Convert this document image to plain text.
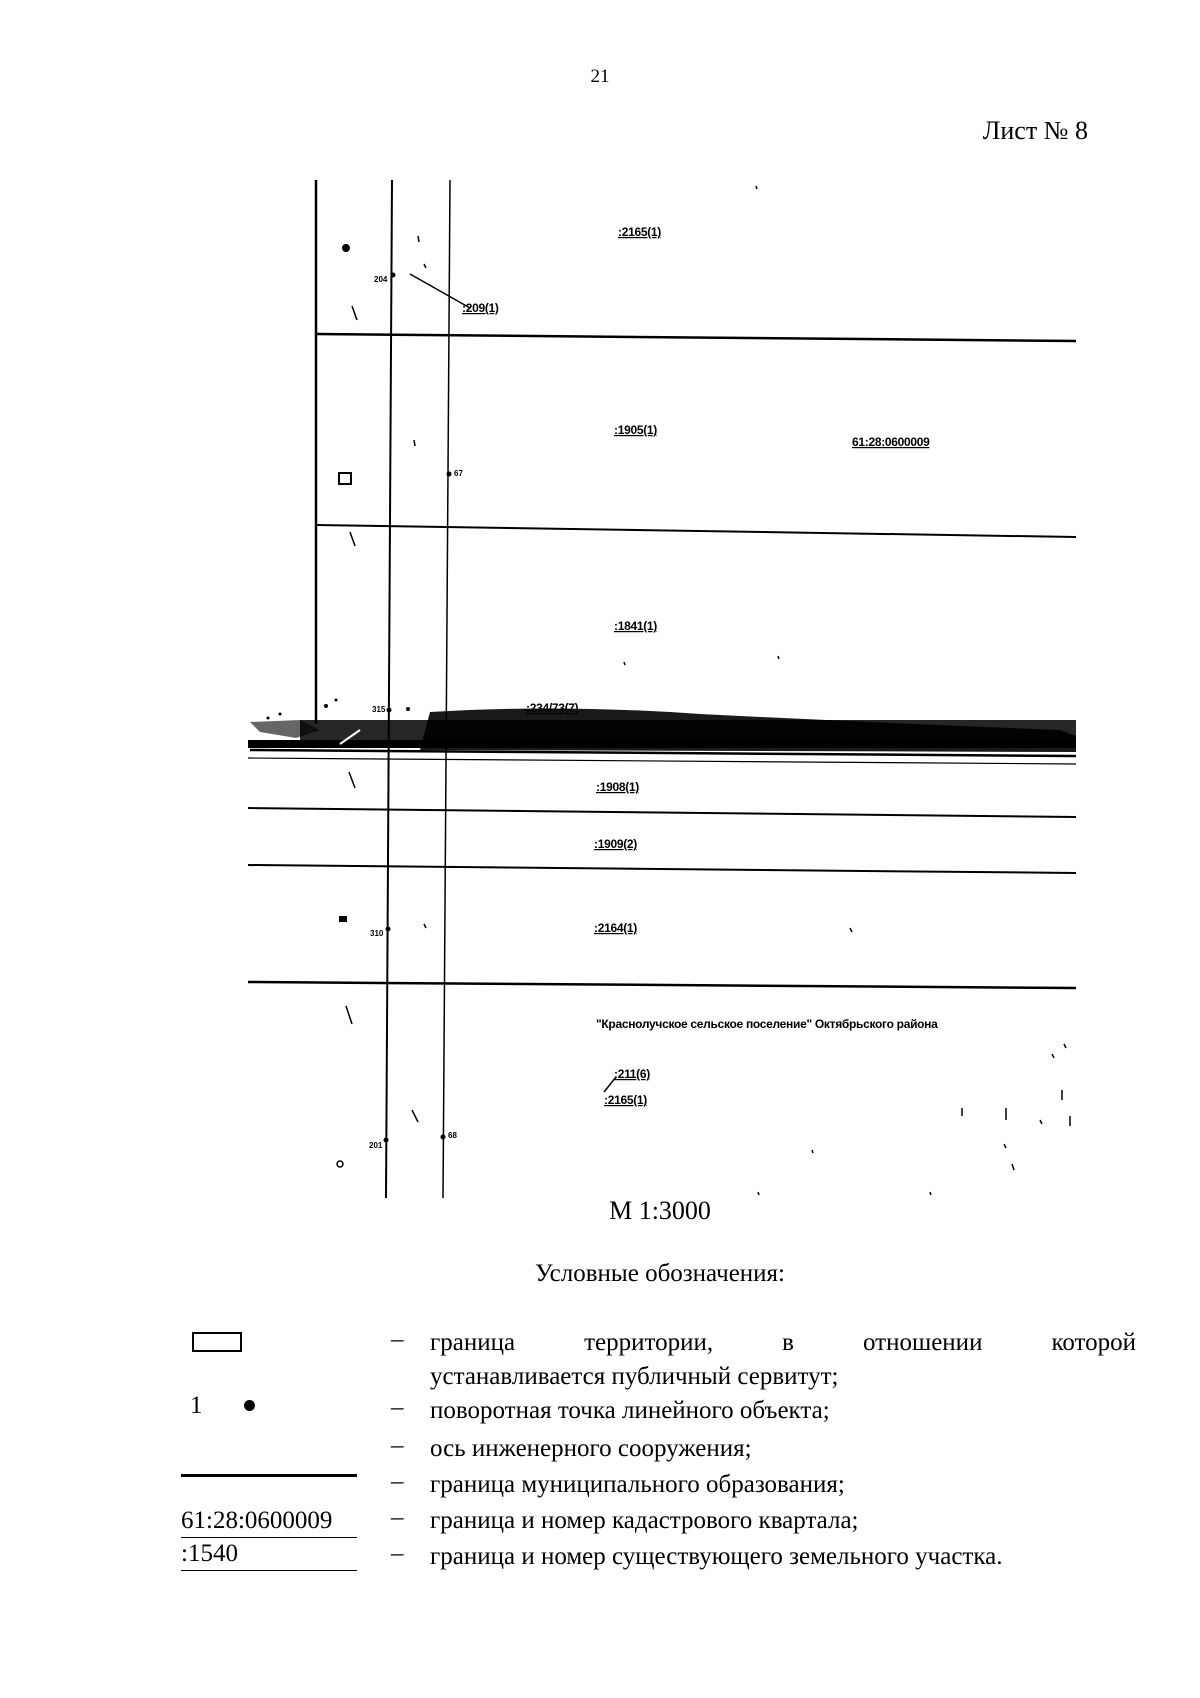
21
Лист № 8
204
67
315
310
201
68
:2165(1)
:209(1)
:1905(1)
61:28:0600009
:1841(1)
:234/73(7)
:1908(1)
:1909(2)
:2164(1)
"Краснолучское сельское поселение" Октябрьского района
:211(6)
:2165(1)
М 1:3000
Условные обозначения:
– граница территории, в отношении которой
устанавливается публичный сервитут;
1	– поворотная точка линейного объекта;
– ось инженерного сооружения;
– граница муниципального образования;
61:28:0600009
:1540
– граница и номер кадастрового квартала;
– граница и номер существующего земельного участка.
